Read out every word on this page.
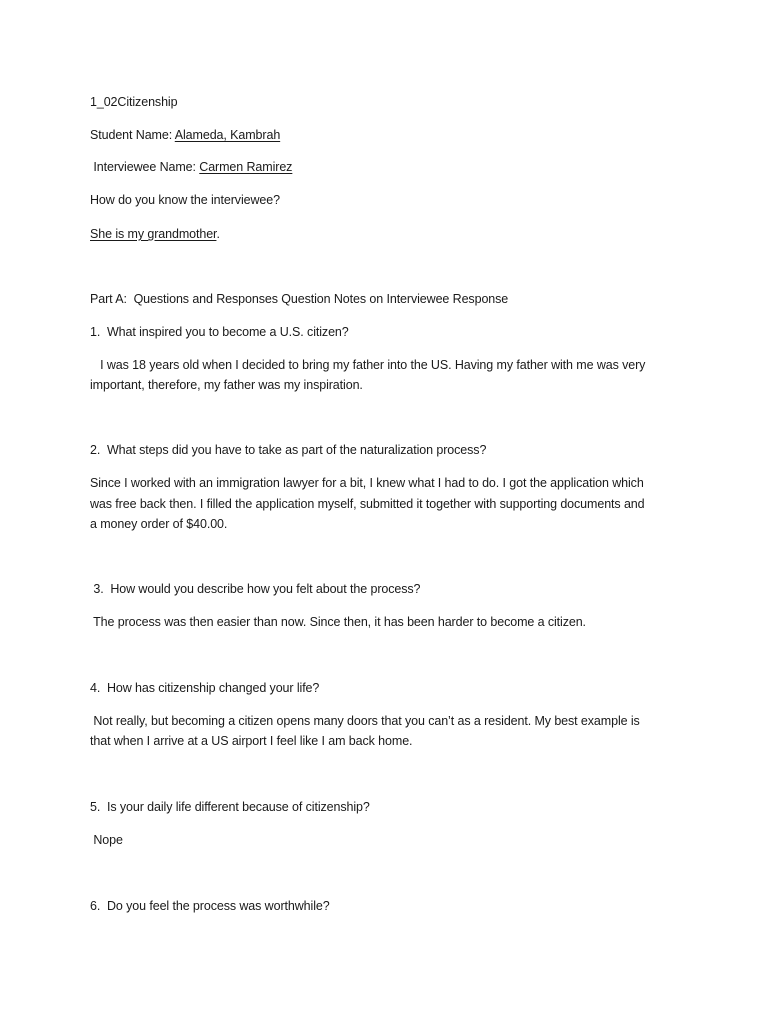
1_02Citizenship
Student Name: Alameda, Kambrah
Interviewee Name: Carmen Ramirez
How do you know the interviewee?
She is my grandmother.
Part A:  Questions and Responses Question Notes on Interviewee Response
1.  What inspired you to become a U.S. citizen?
I was 18 years old when I decided to bring my father into the US. Having my father with me was very
important, therefore, my father was my inspiration.
2.  What steps did you have to take as part of the naturalization process?
Since I worked with an immigration lawyer for a bit, I knew what I had to do. I got the application which
was free back then. I filled the application myself, submitted it together with supporting documents and
a money order of $40.00.
3.  How would you describe how you felt about the process?
The process was then easier than now. Since then, it has been harder to become a citizen.
4.  How has citizenship changed your life?
Not really, but becoming a citizen opens many doors that you can’t as a resident. My best example is
that when I arrive at a US airport I feel like I am back home.
5.  Is your daily life different because of citizenship?
Nope
6.  Do you feel the process was worthwhile?
